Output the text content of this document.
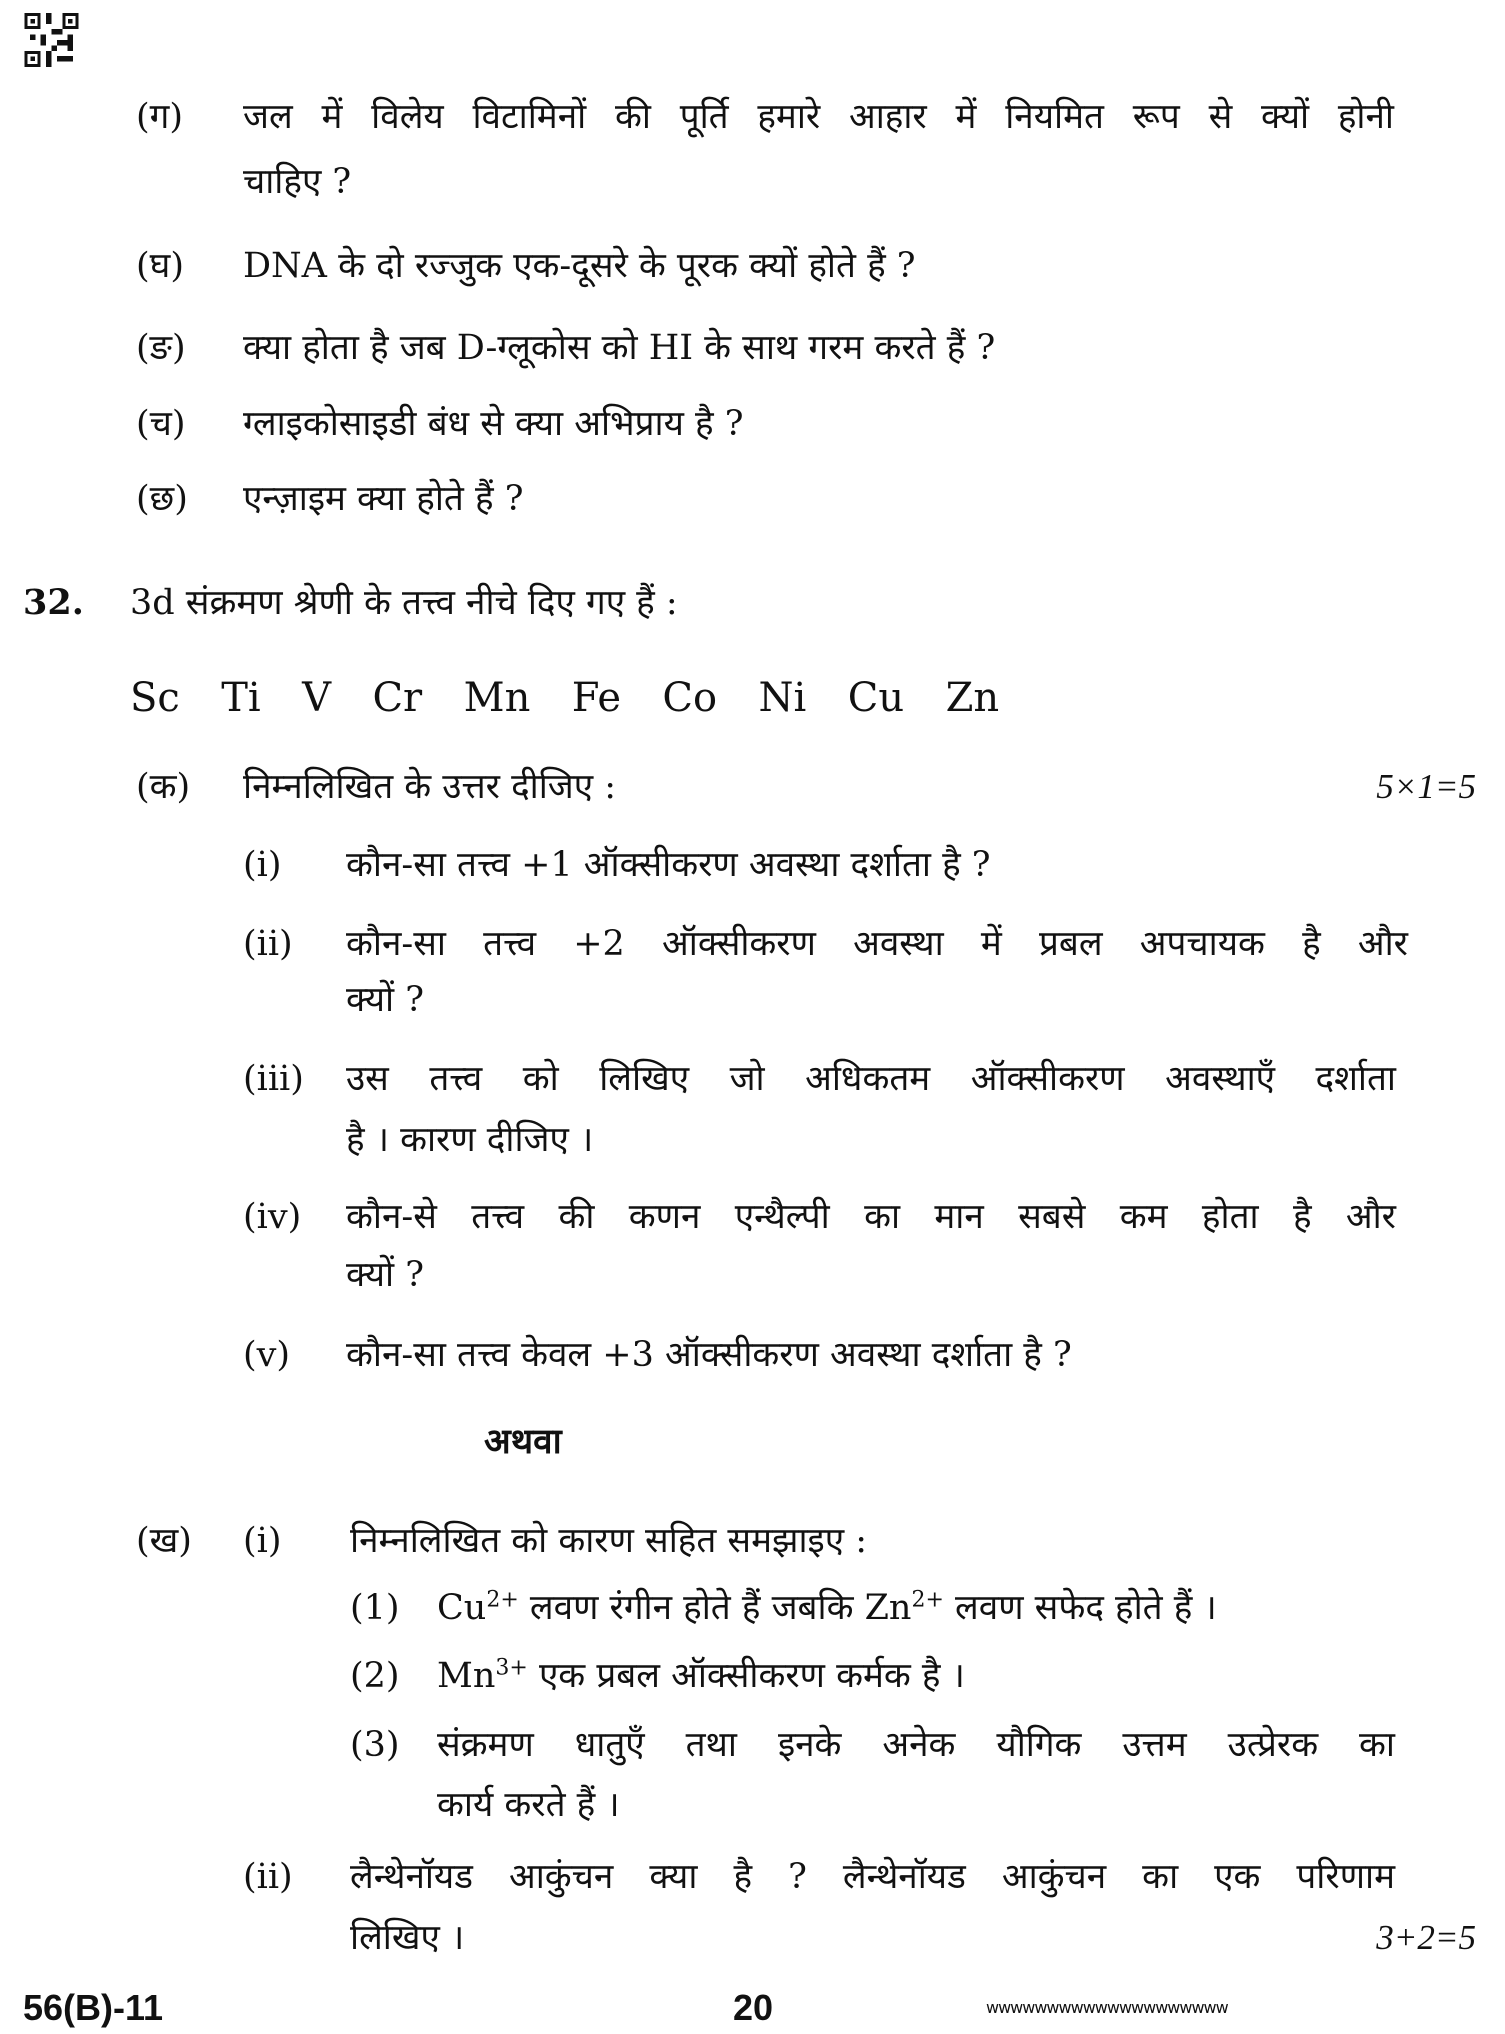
(ग) जल में विलेय विटामिनों की पूर्ति हमारे आहार में नियमित रूप से क्यों होनी
चाहिए ?
(घ) DNA के दो रज्जुक एक-दूसरे के पूरक क्यों होते हैं ?
(ङ) क्या होता है जब D-ग्लूकोस को HI के साथ गरम करते हैं ?
(च) ग्लाइकोसाइडी बंध से क्या अभिप्राय है ?
(छ) एन्ज़ाइम क्या होते हैं ?
32. 3d संक्रमण श्रेणी के तत्त्व नीचे दिए गए हैं :
Sc  Ti  V  Cr  Mn  Fe  Co  Ni  Cu  Zn
(क) निम्नलिखित के उत्तर दीजिए :	5×1=5
(i) कौन-सा तत्त्व +1 ऑक्सीकरण अवस्था दर्शाता है ?
(ii) कौन-सा तत्त्व +2 ऑक्सीकरण अवस्था में प्रबल अपचायक है और
क्यों ?
(iii) उस तत्त्व को लिखिए जो अधिकतम ऑक्सीकरण अवस्थाएँ दर्शाता
है । कारण दीजिए ।
(iv) कौन-से तत्त्व की कणन एन्थैल्पी का मान सबसे कम होता है और
क्यों ?
(v) कौन-सा तत्त्व केवल +3 ऑक्सीकरण अवस्था दर्शाता है ?
अथवा
(ख) (i) निम्नलिखित को कारण सहित समझाइए :
(1) $Cu^{2+}$ लवण रंगीन होते हैं जबकि $Zn^{2+}$ लवण सफेद होते हैं ।
(2) $Mn^{3+}$ एक प्रबल ऑक्सीकरण कर्मक है ।
(3) संक्रमण धातुएँ तथा इनके अनेक यौगिक उत्तम उत्प्रेरक का
कार्य करते हैं ।
(ii) लैन्थेनॉयड आकुंचन क्या है ? लैन्थेनॉयड आकुंचन का एक परिणाम
लिखिए ।	3+2=5
56(B)-11	20	wwwwwwwwwwwwwwwwwwww
